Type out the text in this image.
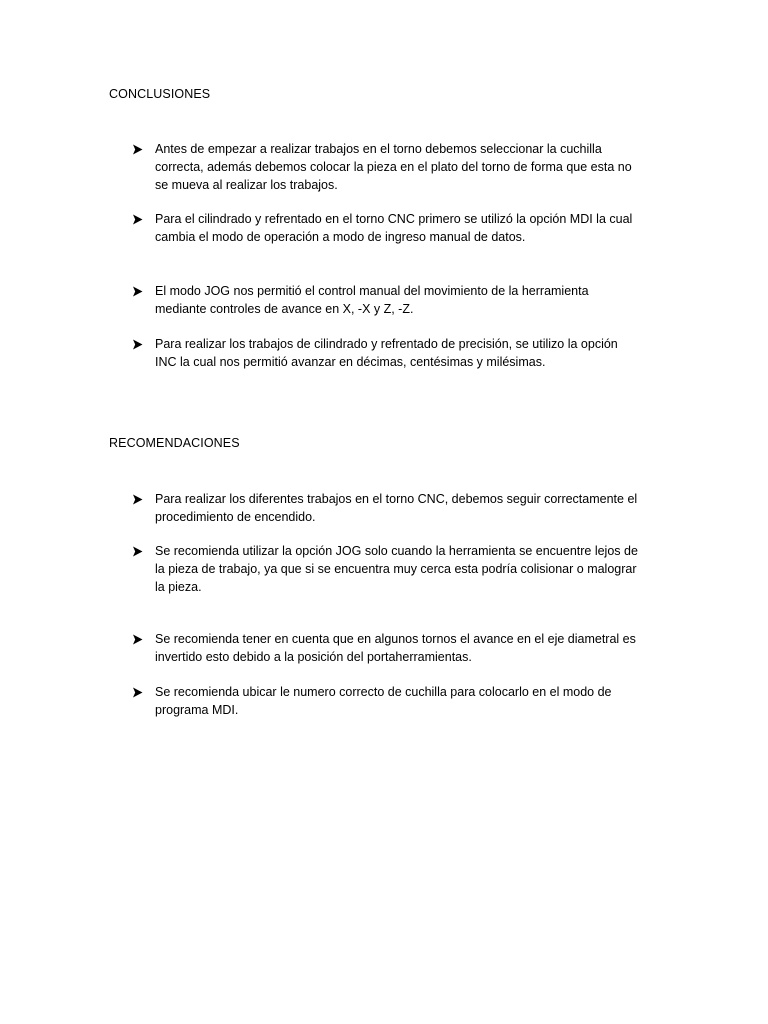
CONCLUSIONES
Antes de empezar a realizar trabajos en el torno debemos seleccionar la cuchilla
correcta, además debemos colocar la pieza en el plato del torno de forma que esta no
se mueva al realizar los trabajos.
Para el cilindrado y refrentado en el torno CNC primero se utilizó la opción MDI la cual
cambia el modo de operación a modo de ingreso manual de datos.
El modo JOG nos permitió el control manual del movimiento de la herramienta
mediante controles de avance en X, -X y Z, -Z.
Para realizar los trabajos de cilindrado y refrentado de precisión, se utilizo la opción
INC la cual nos permitió avanzar en décimas, centésimas y milésimas.
RECOMENDACIONES
Para realizar los diferentes trabajos en el torno CNC, debemos seguir correctamente el
procedimiento de encendido.
Se recomienda utilizar la opción JOG solo cuando la herramienta se encuentre lejos de
la pieza de trabajo, ya que si se encuentra muy cerca esta podría colisionar o malograr
la pieza.
Se recomienda tener en cuenta que en algunos tornos el avance en el eje diametral es
invertido esto debido a la posición del portaherramientas.
Se recomienda ubicar le numero correcto de cuchilla para colocarlo en el modo de
programa MDI.
